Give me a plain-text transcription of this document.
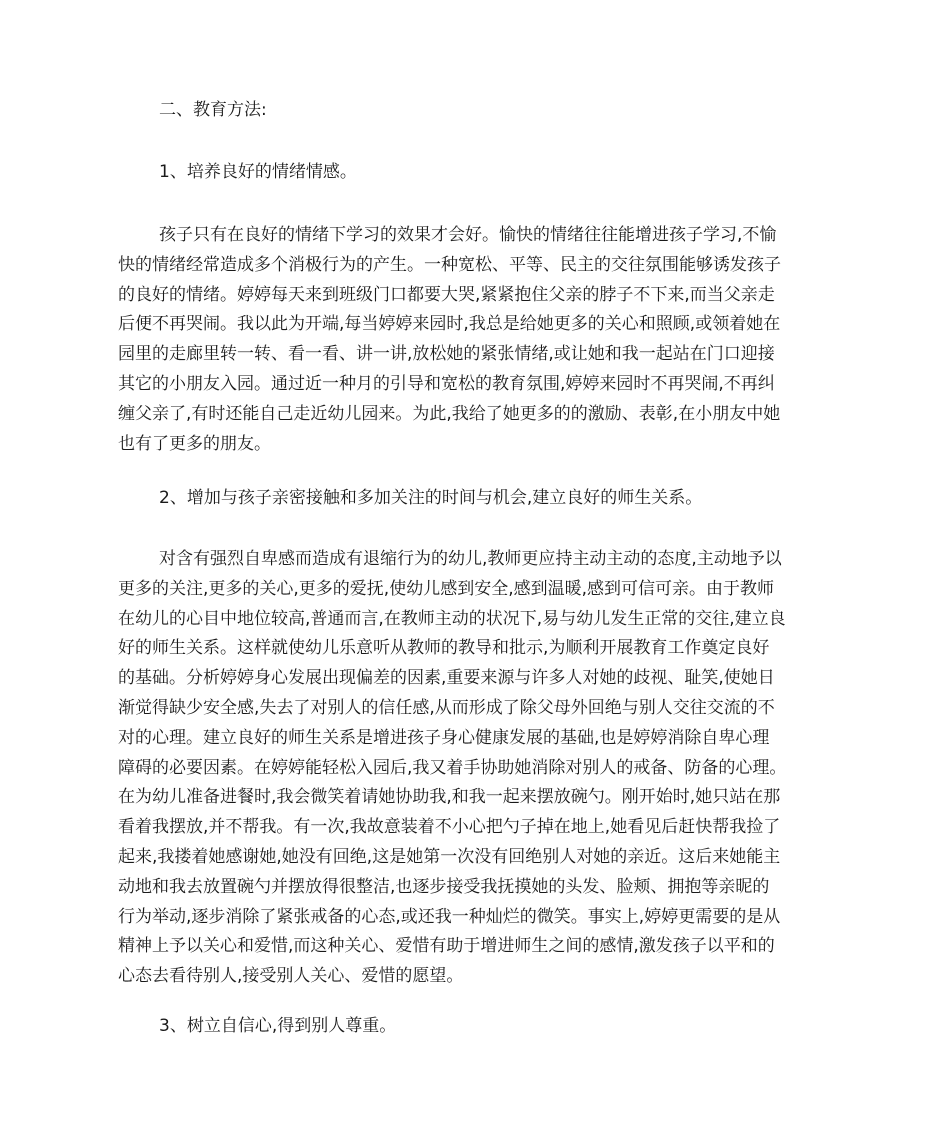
二、教育方法:
1、培养良好的情绪情感。
孩子只有在良好的情绪下学习的效果才会好。愉快的情绪往往能增进孩子学习,不愉
快的情绪经常造成多个消极行为的产生。一种宽松、平等、民主的交往氛围能够诱发孩子
的良好的情绪。婷婷每天来到班级门口都要大哭,紧紧抱住父亲的脖子不下来,而当父亲走
后便不再哭闹。我以此为开端,每当婷婷来园时,我总是给她更多的关心和照顾,或领着她在
园里的走廊里转一转、看一看、讲一讲,放松她的紧张情绪,或让她和我一起站在门口迎接
其它的小朋友入园。通过近一种月的引导和宽松的教育氛围,婷婷来园时不再哭闹,不再纠
缠父亲了,有时还能自己走近幼儿园来。为此,我给了她更多的的激励、表彰,在小朋友中她
也有了更多的朋友。
2、增加与孩子亲密接触和多加关注的时间与机会,建立良好的师生关系。
对含有强烈自卑感而造成有退缩行为的幼儿,教师更应持主动主动的态度,主动地予以
更多的关注,更多的关心,更多的爱抚,使幼儿感到安全,感到温暖,感到可信可亲。由于教师
在幼儿的心目中地位较高,普通而言,在教师主动的状况下,易与幼儿发生正常的交往,建立良
好的师生关系。这样就使幼儿乐意听从教师的教导和批示,为顺利开展教育工作奠定良好
的基础。分析婷婷身心发展出现偏差的因素,重要来源与许多人对她的歧视、耻笑,使她日
渐觉得缺少安全感,失去了对别人的信任感,从而形成了除父母外回绝与别人交往交流的不
对的心理。建立良好的师生关系是增进孩子身心健康发展的基础,也是婷婷消除自卑心理
障碍的必要因素。在婷婷能轻松入园后,我又着手协助她消除对别人的戒备、防备的心理。
在为幼儿准备进餐时,我会微笑着请她协助我,和我一起来摆放碗勺。刚开始时,她只站在那
看着我摆放,并不帮我。有一次,我故意装着不小心把勺子掉在地上,她看见后赶快帮我捡了
起来,我搂着她感谢她,她没有回绝,这是她第一次没有回绝别人对她的亲近。这后来她能主
动地和我去放置碗勺并摆放得很整洁,也逐步接受我抚摸她的头发、脸颊、拥抱等亲昵的
行为举动,逐步消除了紧张戒备的心态,或还我一种灿烂的微笑。事实上,婷婷更需要的是从
精神上予以关心和爱惜,而这种关心、爱惜有助于增进师生之间的感情,激发孩子以平和的
心态去看待别人,接受别人关心、爱惜的愿望。
3、树立自信心,得到别人尊重。
